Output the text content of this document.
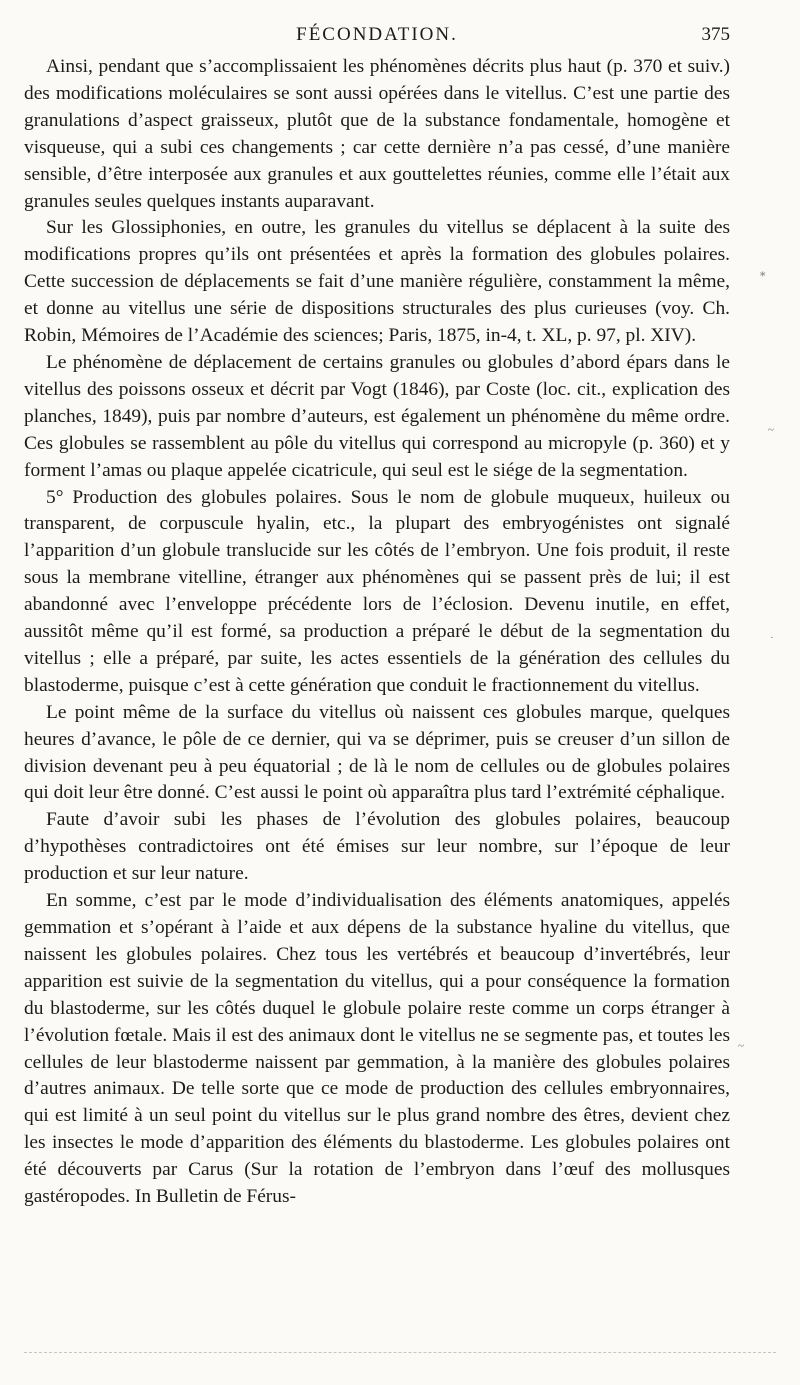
FÉCONDATION.	375

Ainsi, pendant que s’accomplissaient les phénomènes décrits plus haut (p. 370 et suiv.) des modifications moléculaires se sont aussi opérées dans le vitellus. C’est une partie des granulations d’aspect graisseux, plutôt que de la substance fondamentale, homogène et visqueuse, qui a subi ces changements ; car cette dernière n’a pas cessé, d’une manière sensible, d’être interposée aux granules et aux gouttelettes réunies, comme elle l’était aux granules seules quelques instants auparavant.

Sur les Glossiphonies, en outre, les granules du vitellus se déplacent à la suite des modifications propres qu’ils ont présentées et après la formation des globules polaires. Cette succession de déplacements se fait d’une manière régulière, constamment la même, et donne au vitellus une série de dispositions structurales des plus curieuses (voy. Ch. Robin, Mémoires de l’Académie des sciences; Paris, 1875, in-4, t. XL, p. 97, pl. XIV).

Le phénomène de déplacement de certains granules ou globules d’abord épars dans le vitellus des poissons osseux et décrit par Vogt (1846), par Coste (loc. cit., explication des planches, 1849), puis par nombre d’auteurs, est également un phénomène du même ordre. Ces globules se rassemblent au pôle du vitellus qui correspond au micropyle (p. 360) et y forment l’amas ou plaque appelée cicatricule, qui seul est le siége de la segmentation.

5° Production des globules polaires. Sous le nom de globule muqueux, huileux ou transparent, de corpuscule hyalin, etc., la plupart des embryogénistes ont signalé l’apparition d’un globule translucide sur les côtés de l’embryon. Une fois produit, il reste sous la membrane vitelline, étranger aux phénomènes qui se passent près de lui; il est abandonné avec l’enveloppe précédente lors de l’éclosion. Devenu inutile, en effet, aussitôt même qu’il est formé, sa production a préparé le début de la segmentation du vitellus ; elle a préparé, par suite, les actes essentiels de la génération des cellules du blastoderme, puisque c’est à cette génération que conduit le fractionnement du vitellus.

Le point même de la surface du vitellus où naissent ces globules marque, quelques heures d’avance, le pôle de ce dernier, qui va se déprimer, puis se creuser d’un sillon de division devenant peu à peu équatorial ; de là le nom de cellules ou de globules polaires qui doit leur être donné. C’est aussi le point où apparaîtra plus tard l’extrémité céphalique.

Faute d’avoir subi les phases de l’évolution des globules polaires, beaucoup d’hypothèses contradictoires ont été émises sur leur nombre, sur l’époque de leur production et sur leur nature.

En somme, c’est par le mode d’individualisation des éléments anatomiques, appelés gemmation et s’opérant à l’aide et aux dépens de la substance hyaline du vitellus, que naissent les globules polaires. Chez tous les vertébrés et beaucoup d’invertébrés, leur apparition est suivie de la segmentation du vitellus, qui a pour conséquence la formation du blastoderme, sur les côtés duquel le globule polaire reste comme un corps étranger à l’évolution fœtale. Mais il est des animaux dont le vitellus ne se segmente pas, et toutes les cellules de leur blastoderme naissent par gemmation, à la manière des globules polaires d’autres animaux. De telle sorte que ce mode de production des cellules embryonnaires, qui est limité à un seul point du vitellus sur le plus grand nombre des êtres, devient chez les insectes le mode d’apparition des éléments du blastoderme. Les globules polaires ont été découverts par Carus (Sur la rotation de l’embryon dans l’œuf des mollusques gastéropodes. In Bulletin de Férus-

⁎
~
·
~
